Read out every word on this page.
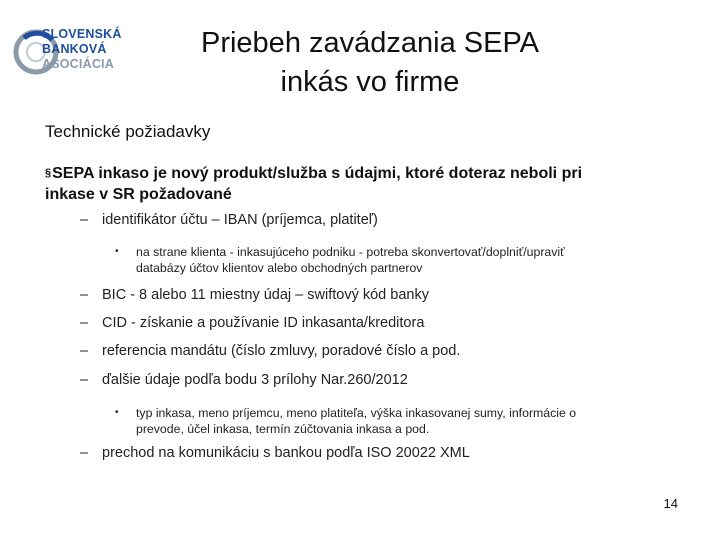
SLOVENSKÁ
BANKOVÁ
ASOCIÁCIA
Priebeh zavádzania SEPA
inkás vo firme
Technické požiadavky
§SEPA inkaso je nový produkt/služba s údajmi, ktoré doteraz neboli pri
inkase v SR požadované
– identifikátor účtu – IBAN (príjemca, platiteľ)
• na strane klienta - inkasujúceho podniku - potreba skonvertovať/doplniť/upraviť
databázy účtov klientov alebo obchodných partnerov
– BIC - 8 alebo 11 miestny údaj – swiftový kód banky
– CID - získanie a používanie ID inkasanta/kreditora
– referencia mandátu (číslo zmluvy, poradové číslo a pod.
– ďalšie údaje podľa bodu 3 prílohy Nar.260/2012
• typ inkasa, meno príjemcu, meno platiteľa, výška inkasovanej sumy, informácie o
prevode, účel inkasa, termín zúčtovania inkasa a pod.
– prechod na komunikáciu s bankou podľa ISO 20022 XML
14
